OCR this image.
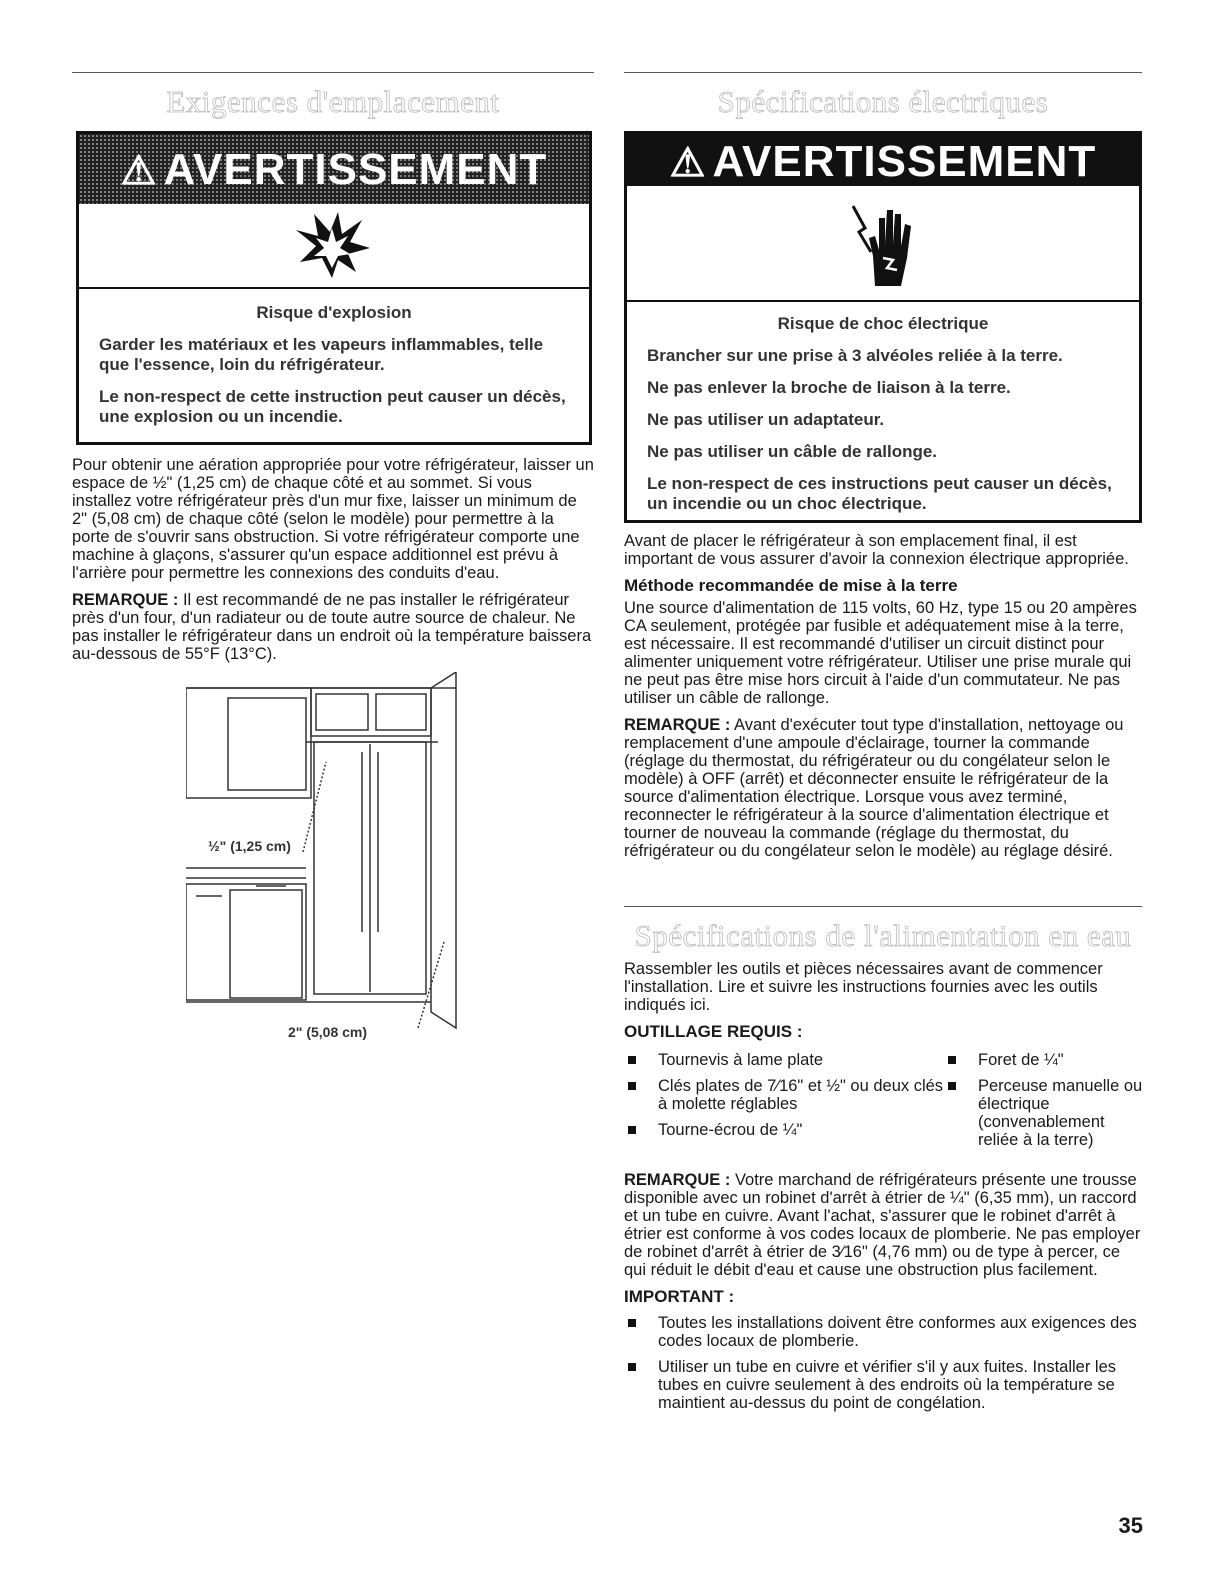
Exigences d'emplacement
⚠ AVERTISSEMENT
Risque d'explosion

Garder les matériaux et les vapeurs inflammables, telle que l'essence, loin du réfrigérateur.

Le non-respect de cette instruction peut causer un décès, une explosion ou un incendie.

Pour obtenir une aération appropriée pour votre réfrigérateur, laisser un espace de ½" (1,25 cm) de chaque côté et au sommet. Si vous installez votre réfrigérateur près d'un mur fixe, laisser un minimum de 2" (5,08 cm) de chaque côté (selon le modèle) pour permettre à la porte de s'ouvrir sans obstruction. Si votre réfrigérateur comporte une machine à glaçons, s'assurer qu'un espace additionnel est prévu à l'arrière pour permettre les connexions des conduits d'eau.

REMARQUE : Il est recommandé de ne pas installer le réfrigérateur près d'un four, d'un radiateur ou de toute autre source de chaleur. Ne pas installer le réfrigérateur dans un endroit où la température baissera au-dessous de 55°F (13°C).

½" (1,25 cm)
2" (5,08 cm)
Spécifications électriques
⚠ AVERTISSEMENT
Risque de choc électrique

Brancher sur une prise à 3 alvéoles reliée à la terre.

Ne pas enlever la broche de liaison à la terre.

Ne pas utiliser un adaptateur.

Ne pas utiliser un câble de rallonge.

Le non-respect de ces instructions peut causer un décès, un incendie ou un choc électrique.

Avant de placer le réfrigérateur à son emplacement final, il est important de vous assurer d'avoir la connexion électrique appropriée.

Méthode recommandée de mise à la terre

Une source d'alimentation de 115 volts, 60 Hz, type 15 ou 20 ampères CA seulement, protégée par fusible et adéquatement mise à la terre, est nécessaire. Il est recommandé d'utiliser un circuit distinct pour alimenter uniquement votre réfrigérateur. Utiliser une prise murale qui ne peut pas être mise hors circuit à l'aide d'un commutateur. Ne pas utiliser un câble de rallonge.

REMARQUE : Avant d'exécuter tout type d'installation, nettoyage ou remplacement d'une ampoule d'éclairage, tourner la commande (réglage du thermostat, du réfrigérateur ou du congélateur selon le modèle) à OFF (arrêt) et déconnecter ensuite le réfrigérateur de la source d'alimentation électrique. Lorsque vous avez terminé, reconnecter le réfrigérateur à la source d'alimentation électrique et tourner de nouveau la commande (réglage du thermostat, du réfrigérateur ou du congélateur selon le modèle) au réglage désiré.

Spécifications de l'alimentation en eau

Rassembler les outils et pièces nécessaires avant de commencer l'installation. Lire et suivre les instructions fournies avec les outils indiqués ici.

OUTILLAGE REQUIS :
Tournevis à lame plate
Clés plates de 7⁄16" et ½" ou deux clés à molette réglables
Tourne-écrou de ¼"
Foret de ¼"
Perceuse manuelle ou électrique (convenablement reliée à la terre)

REMARQUE : Votre marchand de réfrigérateurs présente une trousse disponible avec un robinet d'arrêt à étrier de ¼" (6,35 mm), un raccord et un tube en cuivre. Avant l'achat, s'assurer que le robinet d'arrêt à étrier est conforme à vos codes locaux de plomberie. Ne pas employer de robinet d'arrêt à étrier de 3⁄16" (4,76 mm) ou de type à percer, ce qui réduit le débit d'eau et cause une obstruction plus facilement.

IMPORTANT :
Toutes les installations doivent être conformes aux exigences des codes locaux de plomberie.
Utiliser un tube en cuivre et vérifier s'il y aux fuites. Installer les tubes en cuivre seulement à des endroits où la température se maintient au-dessus du point de congélation.
35
